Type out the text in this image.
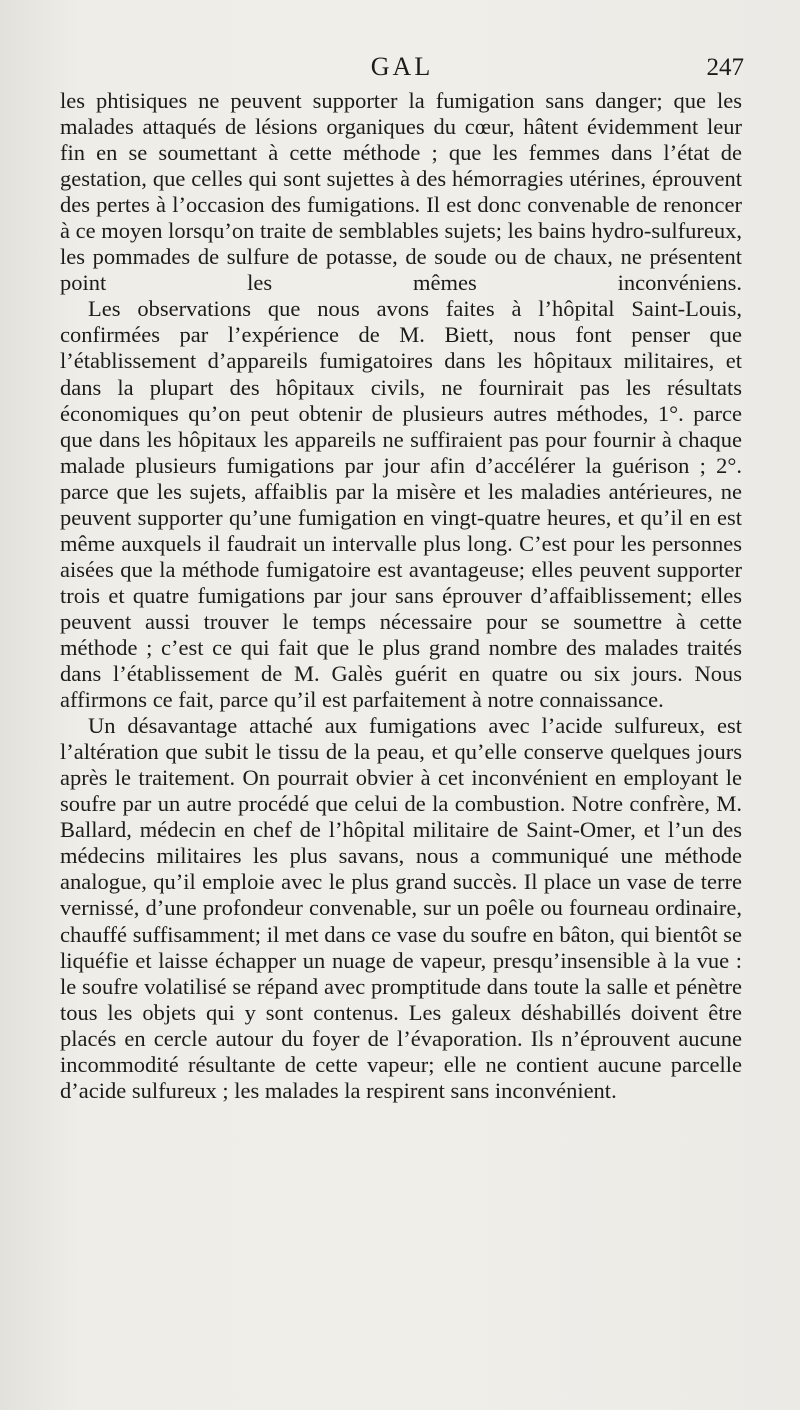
GAL	247

les phtisiques ne peuvent supporter la fumigation sans danger; que les malades attaqués de lésions organiques du cœur, hâtent évidemment leur fin en se soumettant à cette méthode ; que les femmes dans l’état de gestation, que celles qui sont sujettes à des hémorragies utérines, éprouvent des pertes à l’occasion des fumigations. Il est donc convenable de renoncer à ce moyen lorsqu’on traite de semblables sujets; les bains hydro-sulfureux, les pommades de sulfure de potasse, de soude ou de chaux, ne présentent point les mêmes inconvéniens.

Les observations que nous avons faites à l’hôpital Saint-Louis, confirmées par l’expérience de M. Biett, nous font penser que l’établissement d’appareils fumigatoires dans les hôpitaux militaires, et dans la plupart des hôpitaux civils, ne fournirait pas les résultats économiques qu’on peut obtenir de plusieurs autres méthodes, 1°. parce que dans les hôpitaux les appareils ne suffiraient pas pour fournir à chaque malade plusieurs fumigations par jour afin d’accélérer la guérison ; 2°. parce que les sujets, affaiblis par la misère et les maladies antérieures, ne peuvent supporter qu’une fumigation en vingt-quatre heures, et qu’il en est même auxquels il faudrait un intervalle plus long. C’est pour les personnes aisées que la méthode fumigatoire est avantageuse; elles peuvent supporter trois et quatre fumigations par jour sans éprouver d’affaiblissement; elles peuvent aussi trouver le temps nécessaire pour se soumettre à cette méthode ; c’est ce qui fait que le plus grand nombre des malades traités dans l’établissement de M. Galès guérit en quatre ou six jours. Nous affirmons ce fait, parce qu’il est parfaitement à notre connaissance.

Un désavantage attaché aux fumigations avec l’acide sulfureux, est l’altération que subit le tissu de la peau, et qu’elle conserve quelques jours après le traitement. On pourrait obvier à cet inconvénient en employant le soufre par un autre procédé que celui de la combustion. Notre confrère, M. Ballard, médecin en chef de l’hôpital militaire de Saint-Omer, et l’un des médecins militaires les plus savans, nous a communiqué une méthode analogue, qu’il emploie avec le plus grand succès. Il place un vase de terre vernissé, d’une profondeur convenable, sur un poêle ou fourneau ordinaire, chauffé suffisamment; il met dans ce vase du soufre en bâton, qui bientôt se liquéfie et laisse échapper un nuage de vapeur, presqu’insensible à la vue : le soufre volatilisé se répand avec promptitude dans toute la salle et pénètre tous les objets qui y sont contenus. Les galeux déshabillés doivent être placés en cercle autour du foyer de l’évaporation. Ils n’éprouvent aucune incommodité résultante de cette vapeur; elle ne contient aucune parcelle d’acide sulfureux ; les malades la respirent sans inconvénient.
